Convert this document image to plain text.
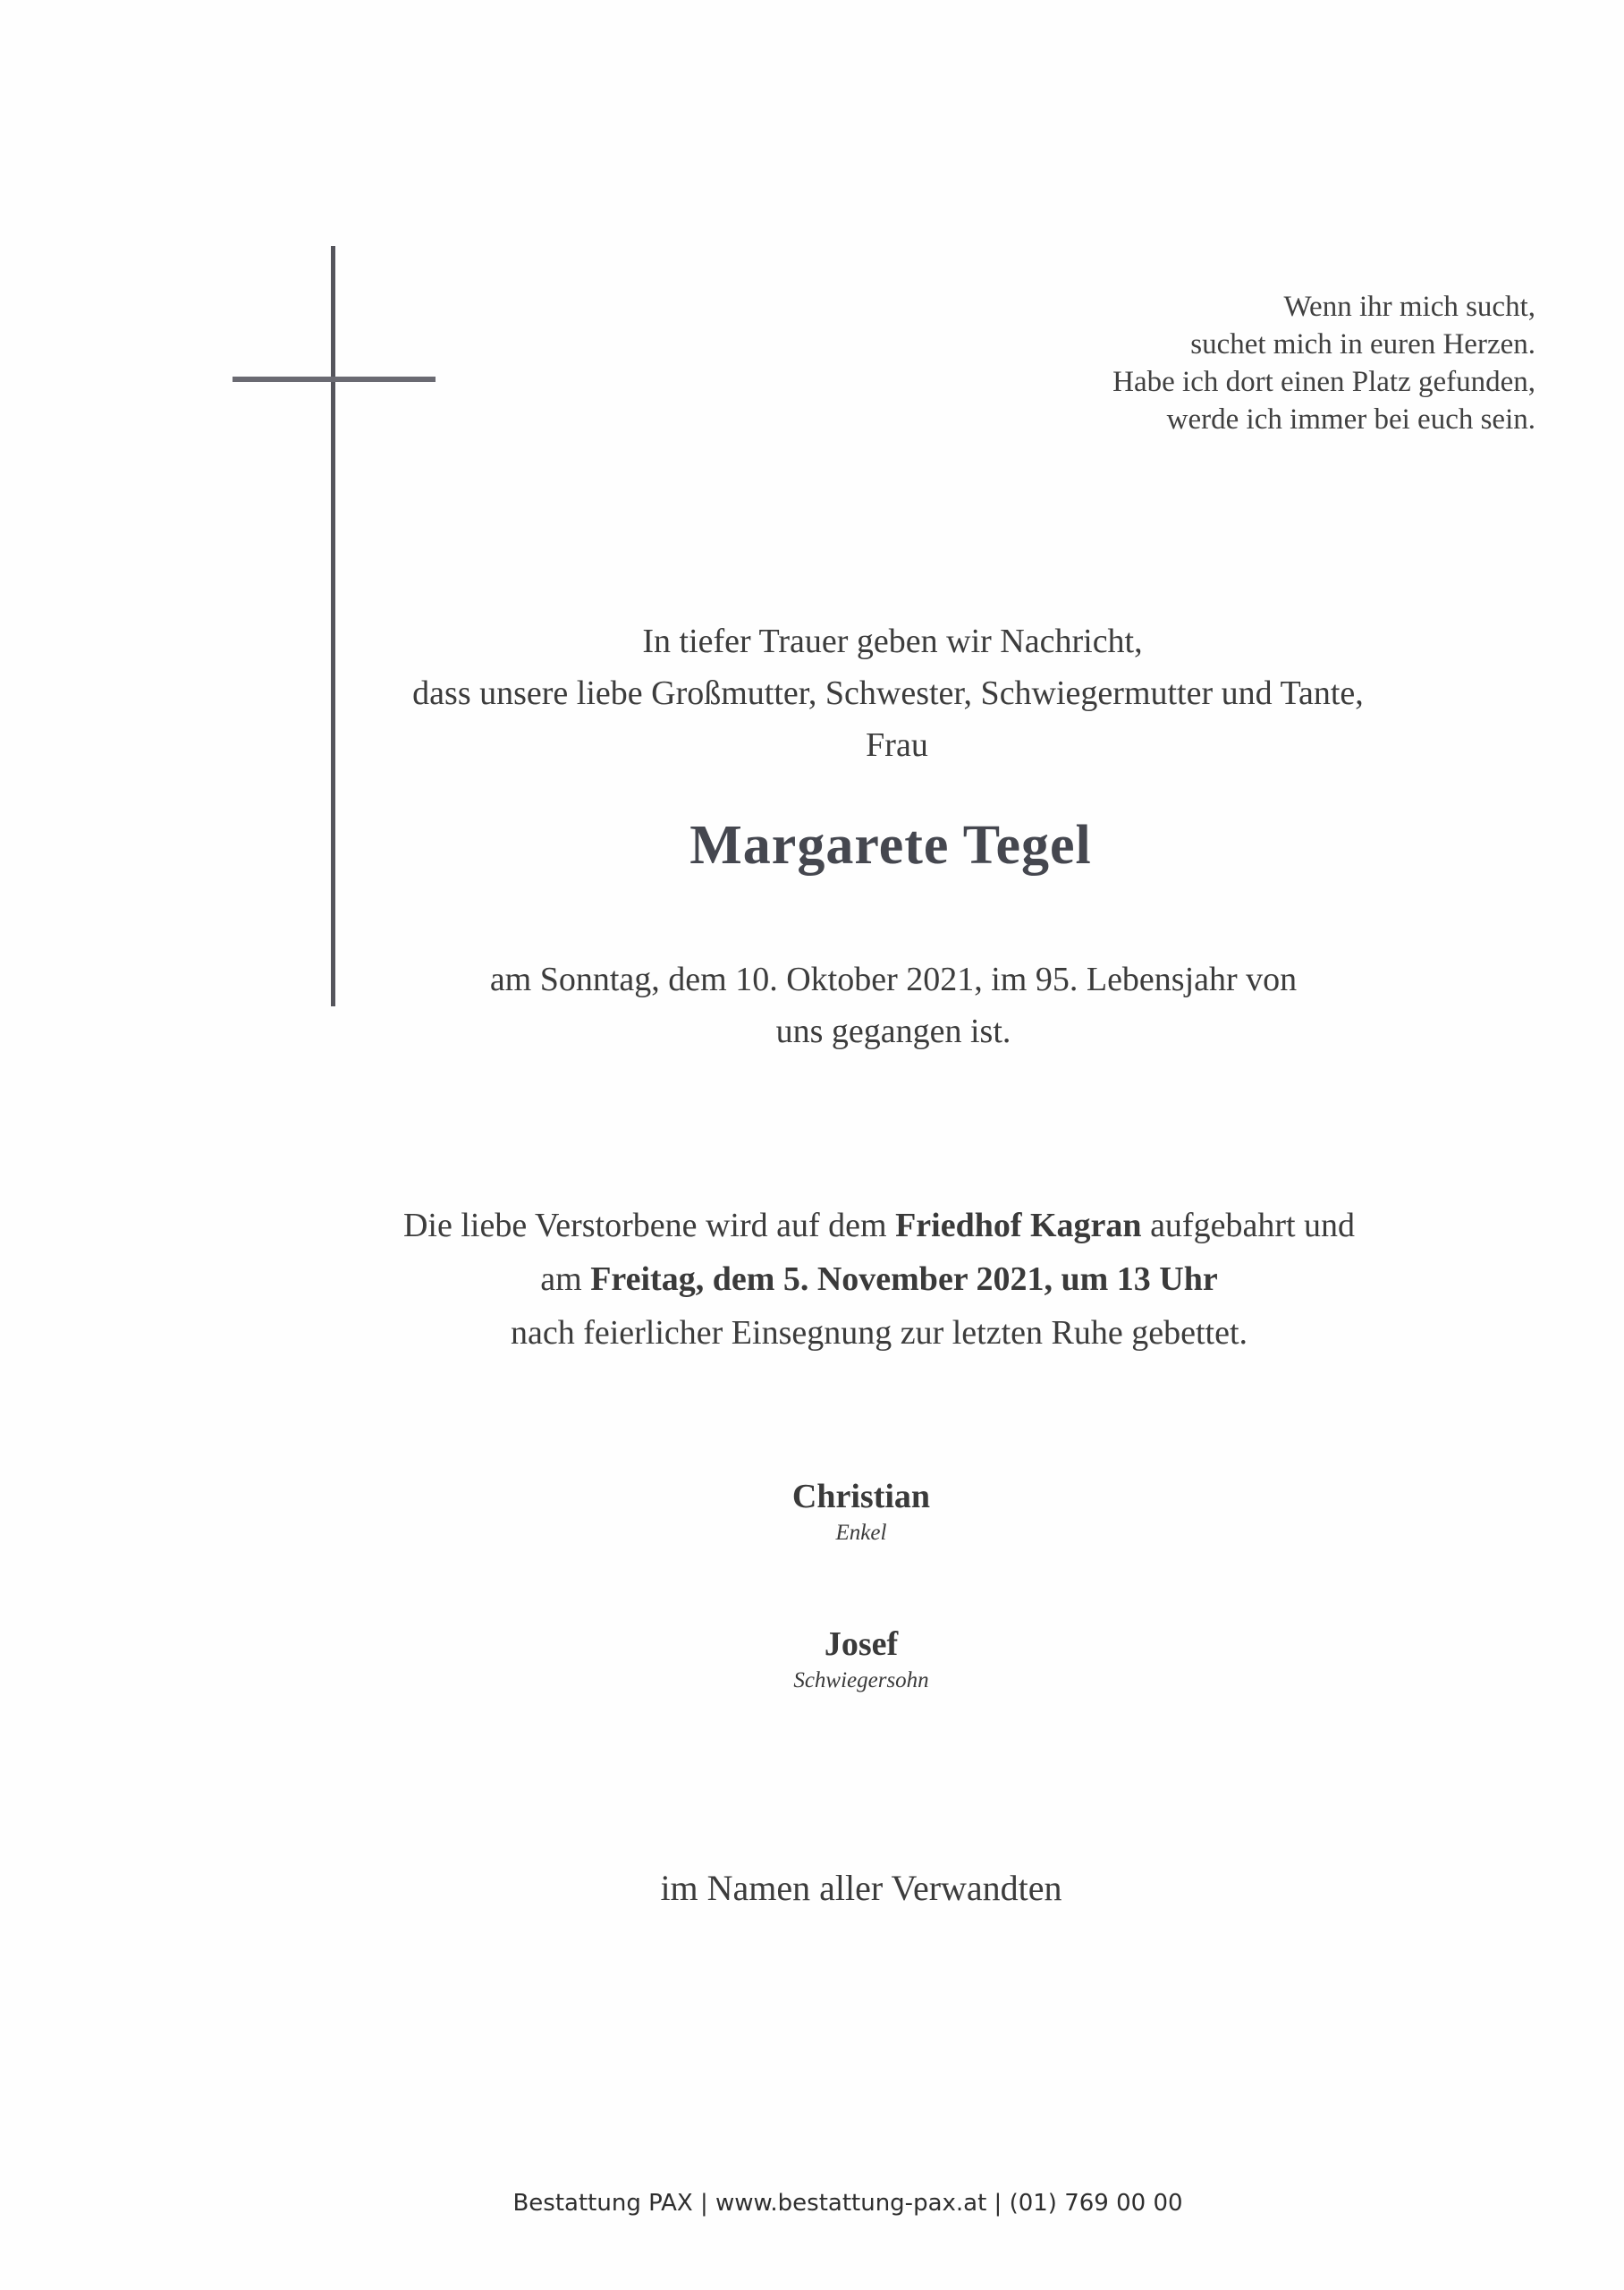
Wenn ihr mich sucht,
suchet mich in euren Herzen.
Habe ich dort einen Platz gefunden,
werde ich immer bei euch sein.
In tiefer Trauer geben wir Nachricht,
dass unsere liebe Großmutter, Schwester, Schwiegermutter und Tante,
Frau
Margarete Tegel
am Sonntag, dem 10. Oktober 2021, im 95. Lebensjahr von
uns gegangen ist.
Die liebe Verstorbene wird auf dem Friedhof Kagran aufgebahrt und
am Freitag, dem 5. November 2021, um 13 Uhr
nach feierlicher Einsegnung zur letzten Ruhe gebettet.
Christian
Enkel
Josef
Schwiegersohn
im Namen aller Verwandten
Bestattung PAX | www.bestattung-pax.at | (01) 769 00 00
